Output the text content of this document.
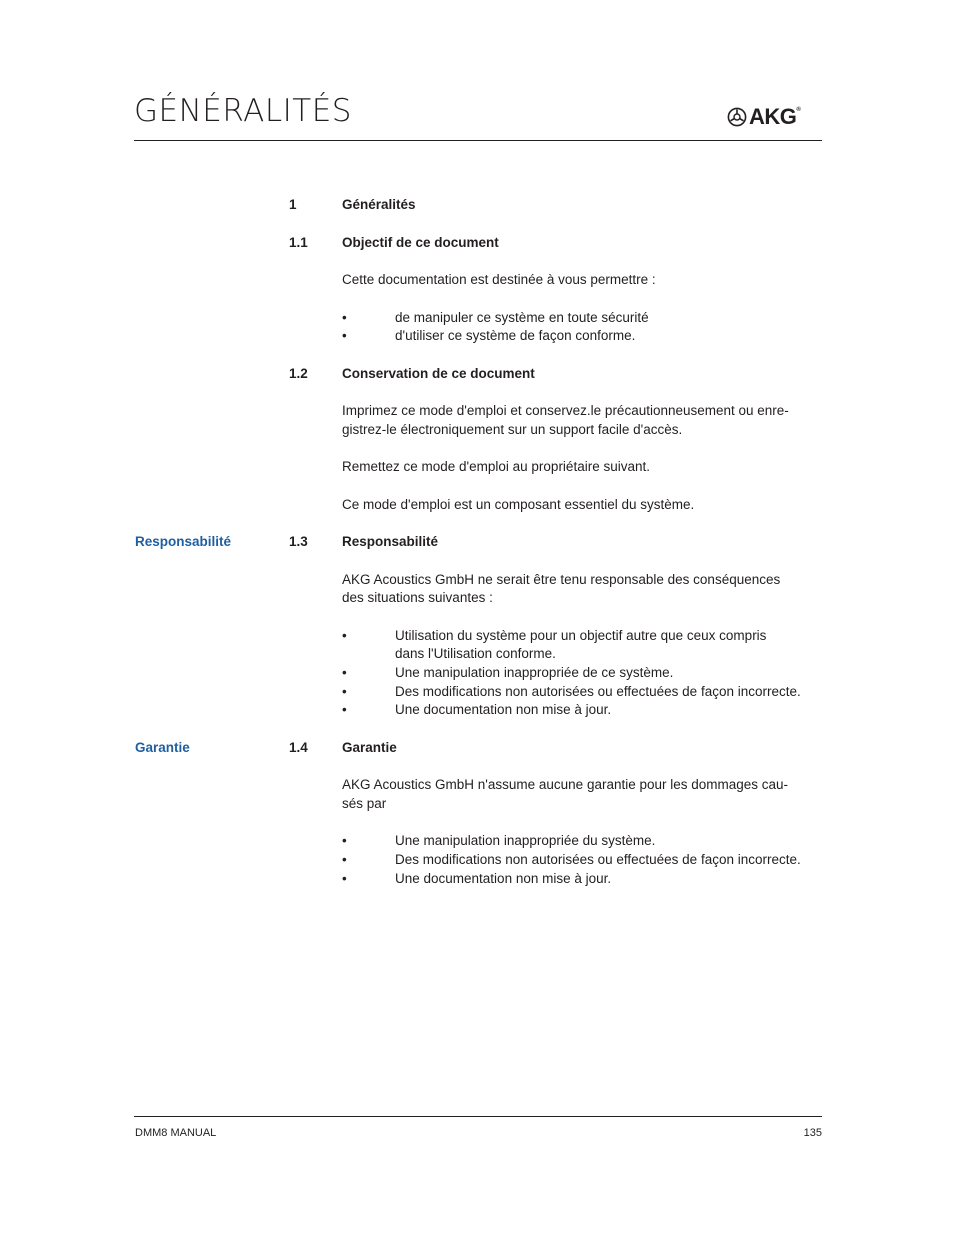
GÉNÉRALITÉS	AKG®
1	Généralités
1.1	Objectif de ce document
Cette documentation est destinée à vous permettre :
•	de manipuler ce système en toute sécurité
•	d'utiliser ce système de façon conforme.
1.2	Conservation de ce document
Imprimez ce mode d'emploi et conservez.le précautionneusement ou enre-
gistrez-le électroniquement sur un support facile d'accès.
Remettez ce mode d'emploi au propriétaire suivant.
Ce mode d'emploi est un composant essentiel du système.
Responsabilité	1.3	Responsabilité
AKG Acoustics GmbH ne serait être tenu responsable des conséquences
des situations suivantes :
•	Utilisation du système pour un objectif autre que ceux compris
dans l'Utilisation conforme.
•	Une manipulation inappropriée de ce système.
•	Des modifications non autorisées ou effectuées de façon incorrecte.
•	Une documentation non mise à jour.
Garantie	1.4	Garantie
AKG Acoustics GmbH n'assume aucune garantie pour les dommages cau-
sés par
•	Une manipulation inappropriée du système.
•	Des modifications non autorisées ou effectuées de façon incorrecte.
•	Une documentation non mise à jour.
DMM8 MANUAL	135
